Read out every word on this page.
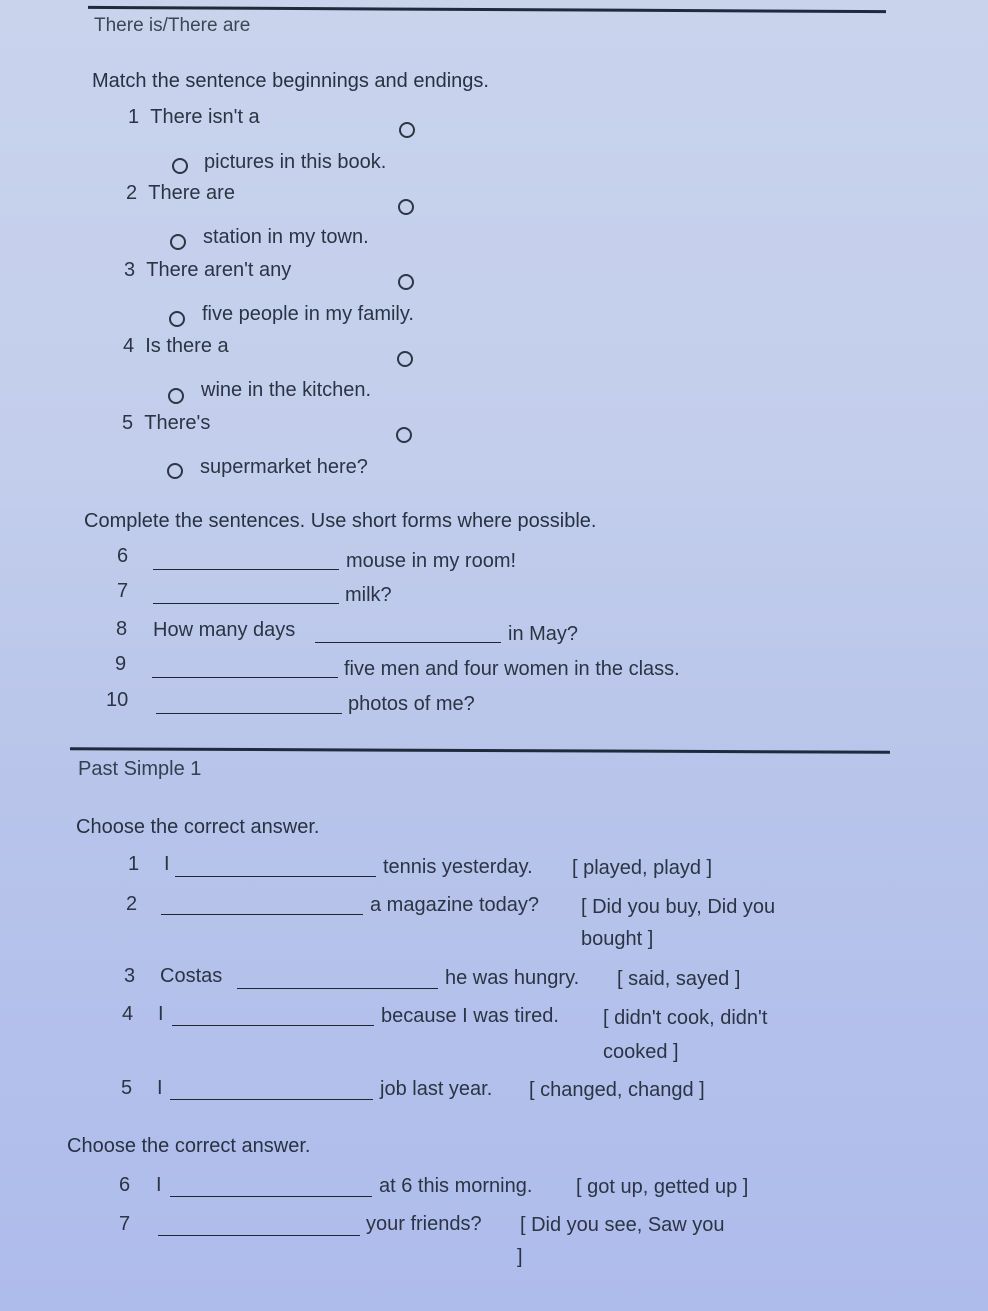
There is/There are
Match the sentence beginnings and endings.
1 There isn't a
pictures in this book.
2 There are
station in my town.
3 There aren't any
five people in my family.
4 Is there a
wine in the kitchen.
5 There's
supermarket here?
Complete the sentences. Use short forms where possible.
6	mouse in my room!
7	milk?
8 How many days	in May?
9	five men and four women in the class.
10	photos of me?
Past Simple 1
Choose the correct answer.
1 I	tennis yesterday. [ played, playd ]
2	a magazine today? [ Did you buy, Did you
bought ]
3 Costas	he was hungry. [ said, sayed ]
4 I	because I was tired. [ didn't cook, didn't
cooked ]
5 I	job last year. [ changed, changd ]
Choose the correct answer.
6 I	at 6 this morning. [ got up, getted up ]
7	your friends? [ Did you see, Saw you
]
